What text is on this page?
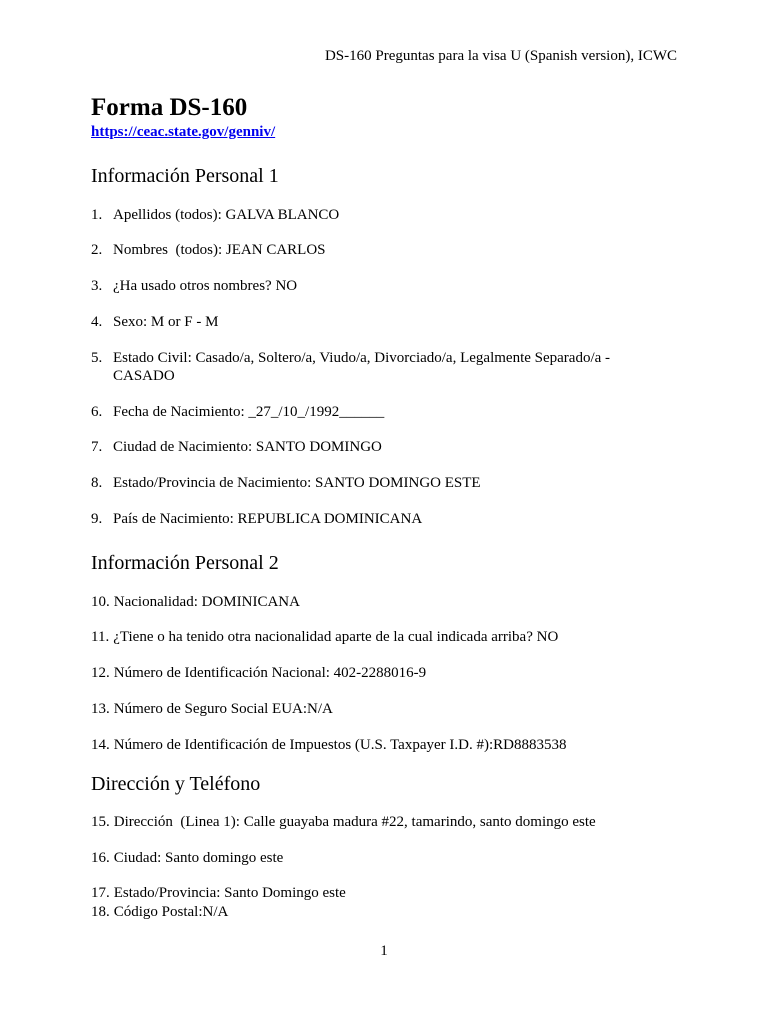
DS-160 Preguntas para la visa U (Spanish version), ICWC
Forma DS-160
https://ceac.state.gov/genniv/
Información Personal 1
1. Apellidos (todos): GALVA BLANCO
2. Nombres  (todos): JEAN CARLOS
3. ¿Ha usado otros nombres? NO
4. Sexo: M or F - M
5. Estado Civil: Casado/a, Soltero/a, Viudo/a, Divorciado/a, Legalmente Separado/a - CASADO
6. Fecha de Nacimiento: _27_/10_/1992______
7. Ciudad de Nacimiento: SANTO DOMINGO
8. Estado/Provincia de Nacimiento: SANTO DOMINGO ESTE
9. País de Nacimiento: REPUBLICA DOMINICANA
Información Personal 2
10. Nacionalidad: DOMINICANA
11. ¿Tiene o ha tenido otra nacionalidad aparte de la cual indicada arriba? NO
12. Número de Identificación Nacional: 402-2288016-9
13. Número de Seguro Social EUA:N/A
14. Número de Identificación de Impuestos (U.S. Taxpayer I.D. #):RD8883538
Dirección y Teléfono
15. Dirección  (Linea 1): Calle guayaba madura #22, tamarindo, santo domingo este
16. Ciudad: Santo domingo este
17. Estado/Provincia: Santo Domingo este
18. Código Postal:N/A
1
